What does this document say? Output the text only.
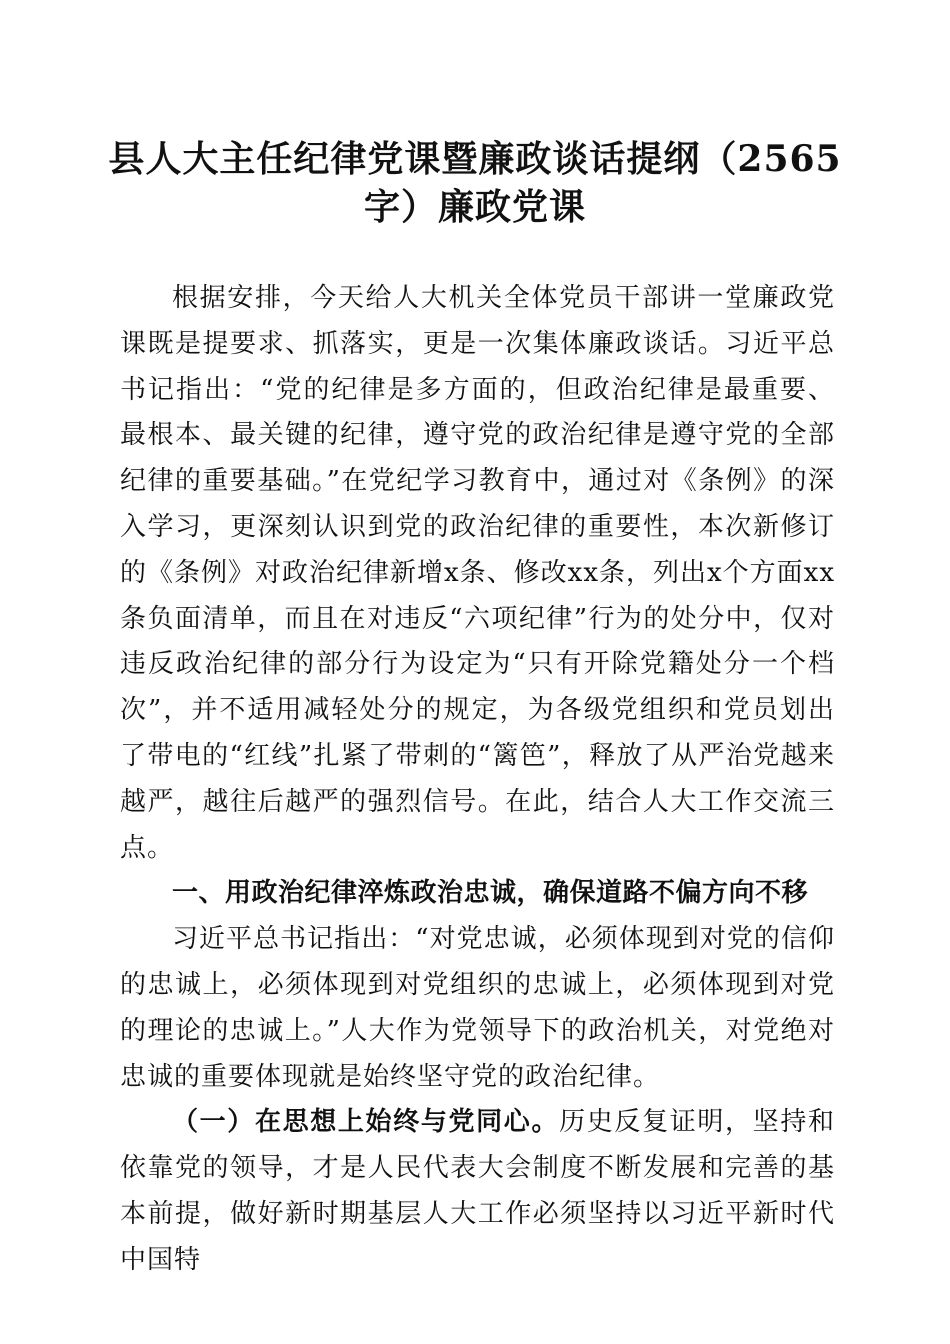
县人大主任纪律党课暨廉政谈话提纲（2565字）廉政党课

根据安排，今天给人大机关全体党员干部讲一堂廉政党课既是提要求、抓落实，更是一次集体廉政谈话。习近平总书记指出：“党的纪律是多方面的，但政治纪律是最重要、最根本、最关键的纪律，遵守党的政治纪律是遵守党的全部纪律的重要基础。”在党纪学习教育中，通过对《条例》的深入学习，更深刻认识到党的政治纪律的重要性，本次新修订的《条例》对政治纪律新增x条、修改xx条，列出x个方面xx条负面清单，而且在对违反“六项纪律”行为的处分中，仅对违反政治纪律的部分行为设定为“只有开除党籍处分一个档次”，并不适用减轻处分的规定，为各级党组织和党员划出了带电的“红线”扎紧了带刺的“篱笆”，释放了从严治党越来越严，越往后越严的强烈信号。在此，结合人大工作交流三点。

一、用政治纪律淬炼政治忠诚，确保道路不偏方向不移

习近平总书记指出：“对党忠诚，必须体现到对党的信仰的忠诚上，必须体现到对党组织的忠诚上，必须体现到对党的理论的忠诚上。”人大作为党领导下的政治机关，对党绝对忠诚的重要体现就是始终坚守党的政治纪律。

（一）在思想上始终与党同心。历史反复证明，坚持和依靠党的领导，才是人民代表大会制度不断发展和完善的基本前提，做好新时期基层人大工作必须坚持以习近平新时代中国特
